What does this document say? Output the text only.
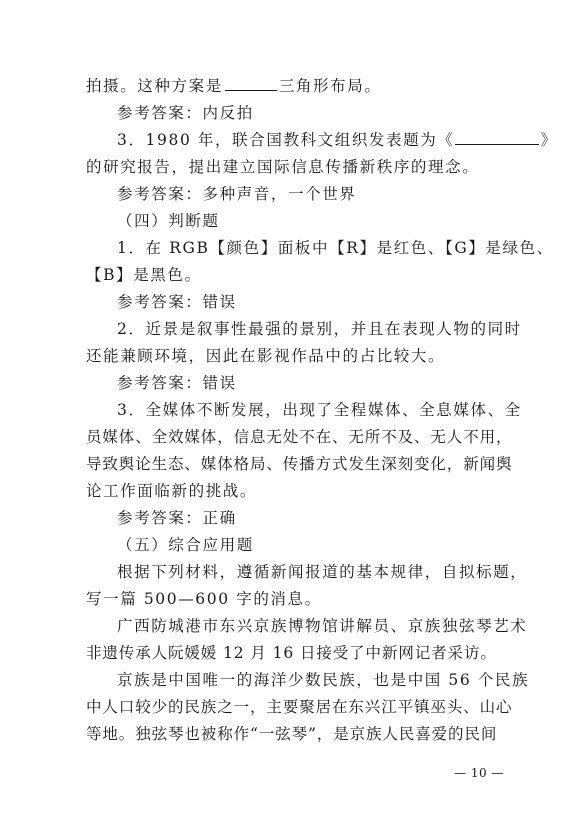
拍摄。这种方案是	三角形布局。
参考答案：内反拍
3．1980 年，联合国教科文组织发表题为《	》
的研究报告，提出建立国际信息传播新秩序的理念。
参考答案：多种声音，一个世界
（四）判断题
1．在 RGB【颜色】面板中【R】是红色、【G】是绿色、
【B】是黑色。
参考答案：错误
2．近景是叙事性最强的景别，并且在表现人物的同时
还能兼顾环境，因此在影视作品中的占比较大。
参考答案：错误
3．全媒体不断发展，出现了全程媒体、全息媒体、全
员媒体、全效媒体，信息无处不在、无所不及、无人不用，
导致舆论生态、媒体格局、传播方式发生深刻变化，新闻舆
论工作面临新的挑战。
参考答案：正确
（五）综合应用题
根据下列材料，遵循新闻报道的基本规律，自拟标题，
写一篇 500—600 字的消息。
广西防城港市东兴京族博物馆讲解员、京族独弦琴艺术
非遗传承人阮媛媛 12 月 16 日接受了中新网记者采访。
京族是中国唯一的海洋少数民族，也是中国 56 个民族
中人口较少的民族之一，主要聚居在东兴江平镇巫头、山心
等地。独弦琴也被称作“一弦琴”，是京族人民喜爱的民间
— 10 —
